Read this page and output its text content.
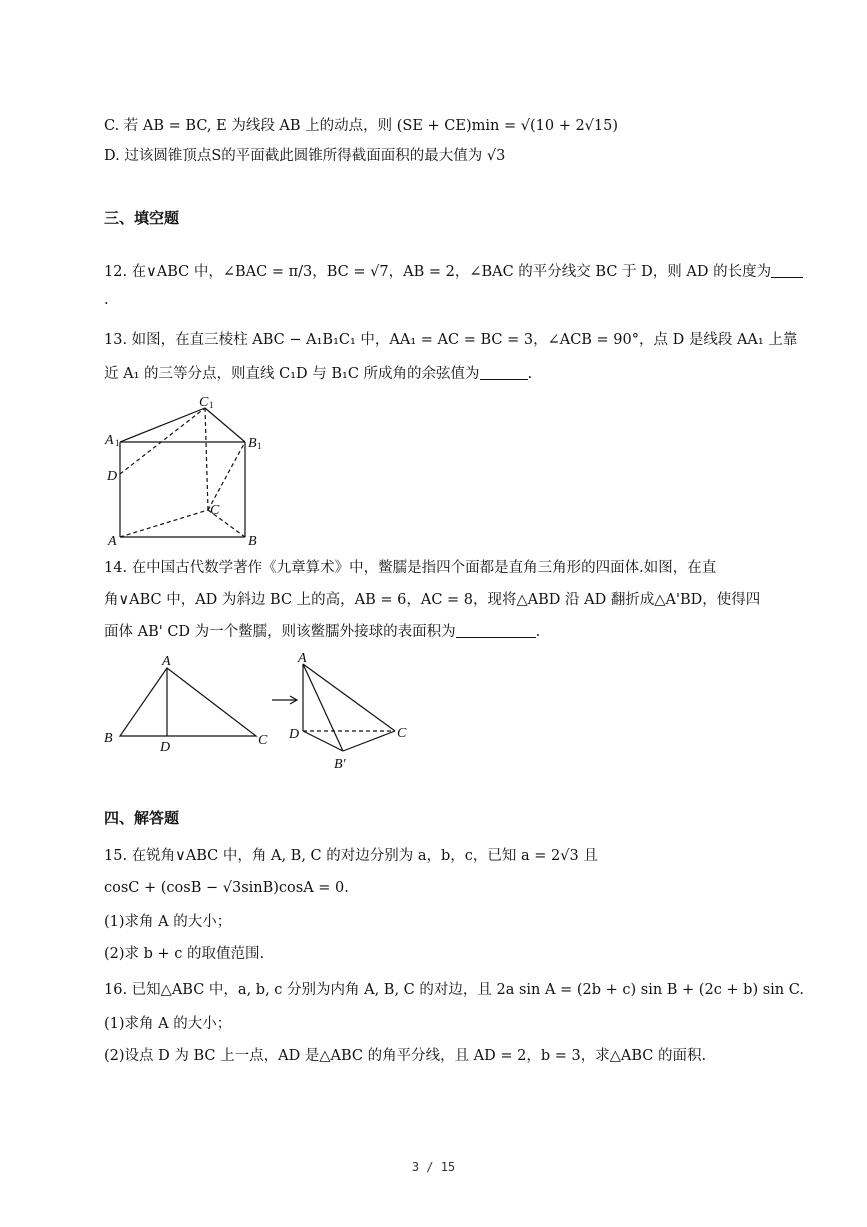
C. 若 AB = BC, E 为线段 AB 上的动点，则 (SE + CE)min = √(10 + 2√15)
D. 过该圆锥顶点S的平面截此圆锥所得截面面积的最大值为 √3
三、填空题
12. 在∨ABC 中，∠BAC = π/3，BC = √7，AB = 2，∠BAC 的平分线交 BC 于 D，则 AD 的长度为
.
13. 如图，在直三棱柱 ABC − A₁B₁C₁ 中，AA₁ = AC = BC = 3，∠ACB = 90°，点 D 是线段 AA₁ 上靠
近 A₁ 的三等分点，则直线 C₁D 与 B₁C 所成角的余弦值为	.
C 1
A 1	B 1
D
C
A	B
14. 在中国古代数学著作《九章算术》中，鳖臑是指四个面都是直角三角形的四面体.如图，在直
角∨ABC 中，AD 为斜边 BC 上的高，AB = 6，AC = 8，现将△ABD 沿 AD 翻折成△A'BD，使得四
面体 AB' CD 为一个鳖臑，则该鳖臑外接球的表面积为	.
A
B
D	C
A
D	C
B′
四、解答题
15. 在锐角∨ABC 中，角 A, B, C 的对边分别为 a，b，c，已知 a = 2√3 且
cosC + (cosB − √3sinB)cosA = 0.
(1)求角 A 的大小；
(2)求 b + c 的取值范围.
16. 已知△ABC 中，a, b, c 分别为内角 A, B, C 的对边，且 2a sin A = (2b + c) sin B + (2c + b) sin C.
(1)求角 A 的大小；
(2)设点 D 为 BC 上一点，AD 是△ABC 的角平分线，且 AD = 2，b = 3，求△ABC 的面积.
3 / 15
